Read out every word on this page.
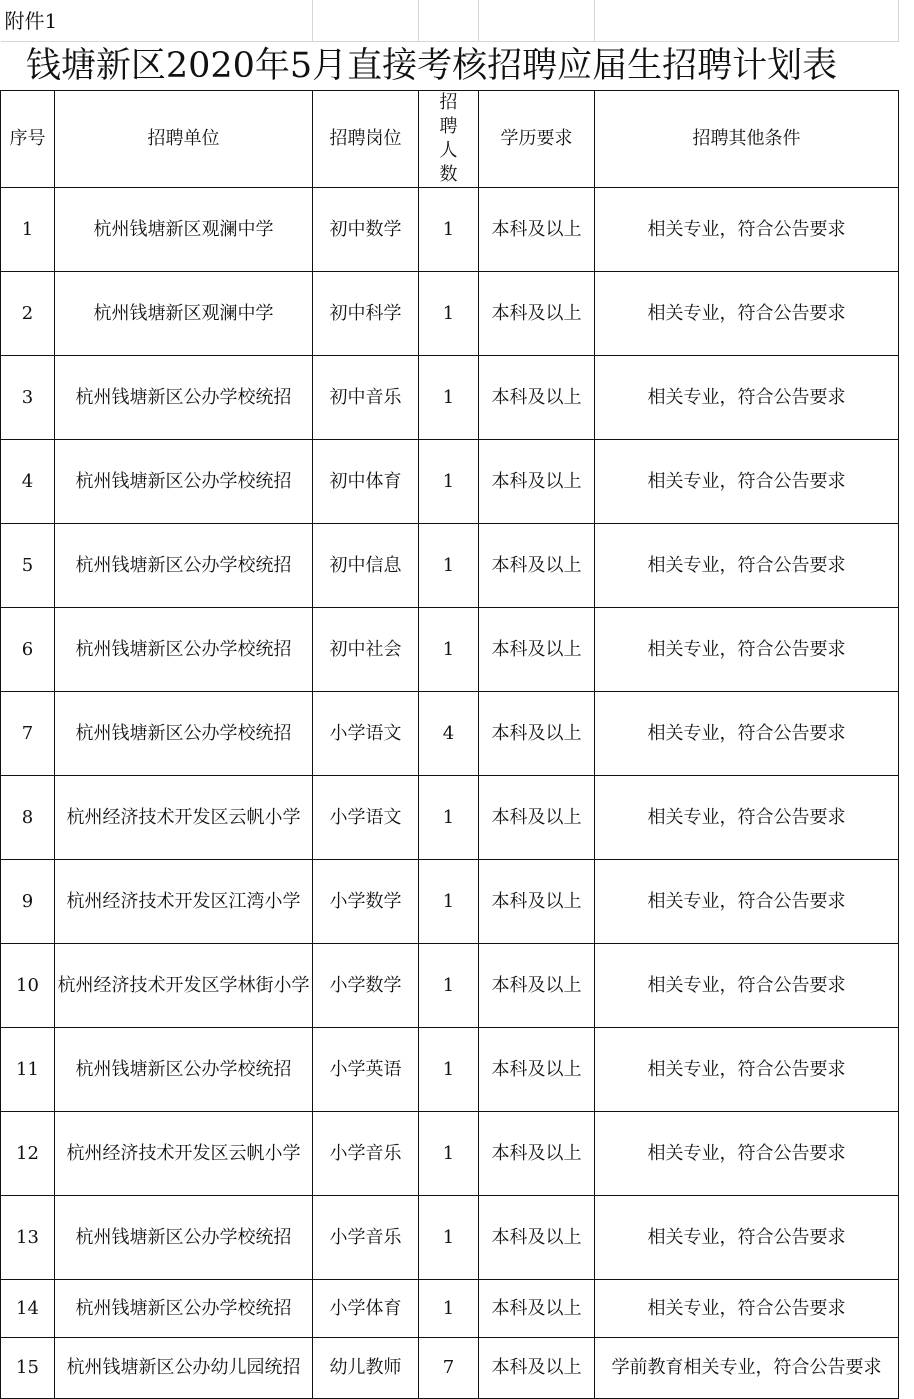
附件1					
钱塘新区2020年5月直接考核招聘应届生招聘计划表					
序号	招聘单位	招聘岗位	招聘人数	学历要求	招聘其他条件
1	杭州钱塘新区观澜中学	初中数学	1	本科及以上	相关专业，符合公告要求
2	杭州钱塘新区观澜中学	初中科学	1	本科及以上	相关专业，符合公告要求
3	杭州钱塘新区公办学校统招	初中音乐	1	本科及以上	相关专业，符合公告要求
4	杭州钱塘新区公办学校统招	初中体育	1	本科及以上	相关专业，符合公告要求
5	杭州钱塘新区公办学校统招	初中信息	1	本科及以上	相关专业，符合公告要求
6	杭州钱塘新区公办学校统招	初中社会	1	本科及以上	相关专业，符合公告要求
7	杭州钱塘新区公办学校统招	小学语文	4	本科及以上	相关专业，符合公告要求
8	杭州经济技术开发区云帆小学	小学语文	1	本科及以上	相关专业，符合公告要求
9	杭州经济技术开发区江湾小学	小学数学	1	本科及以上	相关专业，符合公告要求
10	杭州经济技术开发区学林街小学	小学数学	1	本科及以上	相关专业，符合公告要求
11	杭州钱塘新区公办学校统招	小学英语	1	本科及以上	相关专业，符合公告要求
12	杭州经济技术开发区云帆小学	小学音乐	1	本科及以上	相关专业，符合公告要求
13	杭州钱塘新区公办学校统招	小学音乐	1	本科及以上	相关专业，符合公告要求
14	杭州钱塘新区公办学校统招	小学体育	1	本科及以上	相关专业，符合公告要求
15	杭州钱塘新区公办幼儿园统招	幼儿教师	7	本科及以上	学前教育相关专业，符合公告要求
